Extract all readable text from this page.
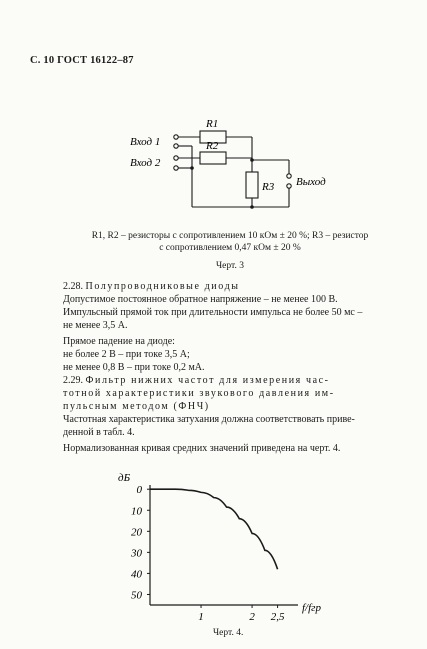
С. 10 ГОСТ 16122–87
Вход 1
Вход 2
R1
R2
R3 Выход
R1, R2 – резисторы с сопротивлением 10 кОм ± 20 %; R3 – резистор
с сопротивлением 0,47 кОм ± 20 %
Черт. 3

2.28. Полупроводниковые диоды

Допустимое постоянное обратное напряжение – не менее 100 В.

Импульсный прямой ток при длительности импульса не более 50 мс –

не менее 3,5 А.

Прямое падение на диоде:

не более 2 В – при токе 3,5 А;

не менее 0,8 В – при токе 0,2 мА.

2.29. Фильтр нижних частот для измерения час-

тотной характеристики звукового давления им-

пульсным методом (ФНЧ)

Частотная характеристика затухания должна соответствовать приве-

денной в табл. 4.

Нормализованная кривая средних значений приведена на черт. 4.

0
10
20
30
40
50
1	2 2,5
дБ
f/fгр
Черт. 4.
